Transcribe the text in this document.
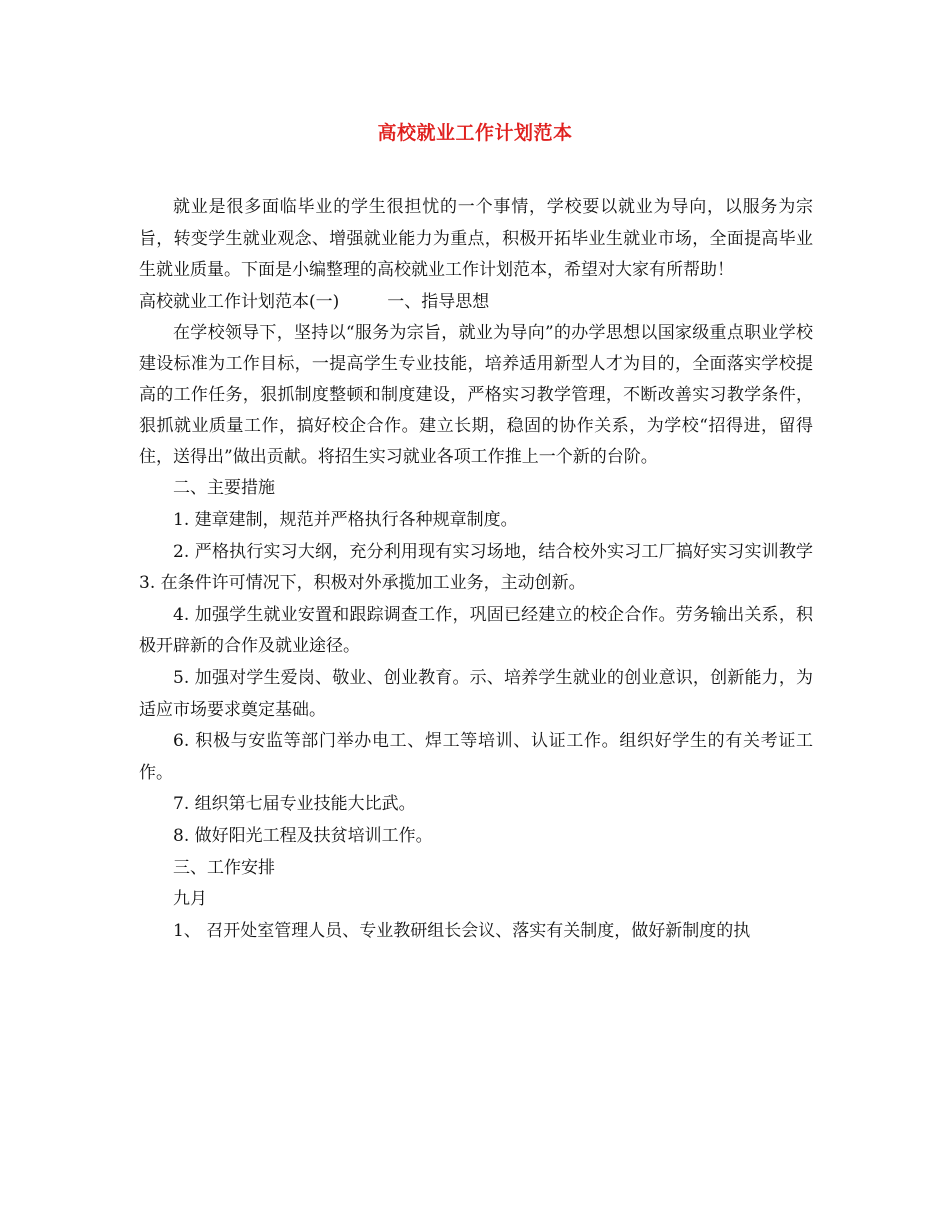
高校就业工作计划范本

就业是很多面临毕业的学生很担忧的一个事情，学校要以就业为导向，以服务为宗旨，转变学生就业观念、增强就业能力为重点，积极开拓毕业生就业市场，全面提高毕业生就业质量。下面是小编整理的高校就业工作计划范本，希望对大家有所帮助！

高校就业工作计划范本(一)	一、指导思想

在学校领导下，坚持以“服务为宗旨，就业为导向”的办学思想以国家级重点职业学校建设标准为工作目标，一提高学生专业技能，培养适用新型人才为目的，全面落实学校提高的工作任务，狠抓制度整顿和制度建设，严格实习教学管理，不断改善实习教学条件，狠抓就业质量工作，搞好校企合作。建立长期，稳固的协作关系，为学校“招得进，留得住，送得出”做出贡献。将招生实习就业各项工作推上一个新的台阶。

二、主要措施

1. 建章建制，规范并严格执行各种规章制度。

2. 严格执行实习大纲，充分利用现有实习场地，结合校外实习工厂搞好实习实训教学3. 在条件许可情况下，积极对外承揽加工业务，主动创新。

4. 加强学生就业安置和跟踪调查工作，巩固已经建立的校企合作。劳务输出关系，积极开辟新的合作及就业途径。

5. 加强对学生爱岗、敬业、创业教育。示、培养学生就业的创业意识，创新能力，为适应市场要求奠定基础。

6. 积极与安监等部门举办电工、焊工等培训、认证工作。组织好学生的有关考证工作。

7. 组织第七届专业技能大比武。

8. 做好阳光工程及扶贫培训工作。

三、工作安排

九月

1、 召开处室管理人员、专业教研组长会议、落实有关制度，做好新制度的执
